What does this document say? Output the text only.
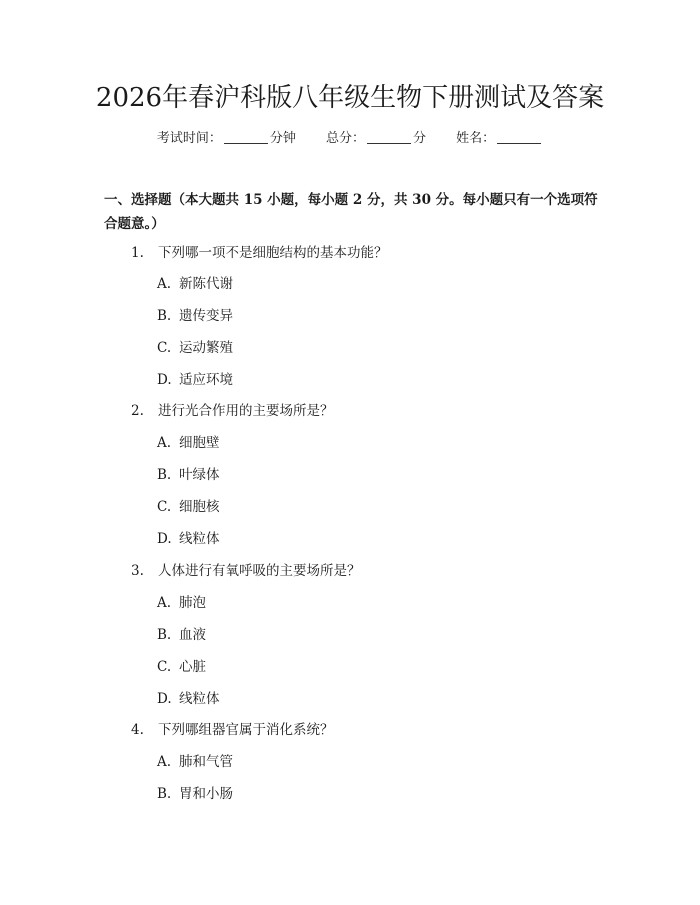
2026年春沪科版八年级生物下册测试及答案
考试时间：	分钟 总分：	分 姓名：

一、选择题（本大题共 15 小题，每小题 2 分，共 30 分。每小题只有一个选项符合题意。）

1. 下列哪一项不是细胞结构的基本功能？
A. 新陈代谢
B. 遗传变异
C. 运动繁殖
D. 适应环境
2. 进行光合作用的主要场所是？
A. 细胞壁
B. 叶绿体
C. 细胞核
D. 线粒体
3. 人体进行有氧呼吸的主要场所是？
A. 肺泡
B. 血液
C. 心脏
D. 线粒体
4. 下列哪组器官属于消化系统？
A. 肺和气管
B. 胃和小肠
